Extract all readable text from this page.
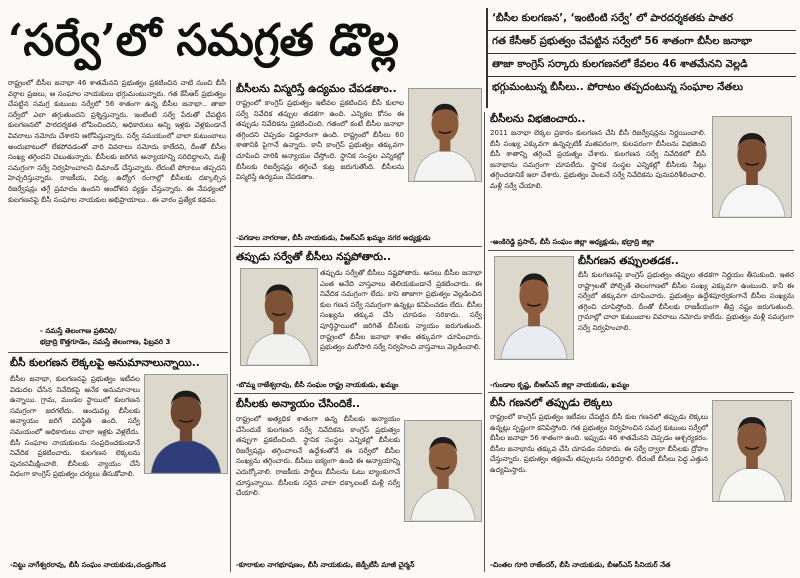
‘సర్వే’లో సమగ్రత డొల్ల	‘బీసీల కులగణన’, ‘ఇంటింటి సర్వే’ లో పారదర్శకతకు పాతర
గత కేసీఆర్ ప్రభుత్వం చేపట్టిన సర్వేలో 56 శాతంగా బీసీల జనాభా
తాజా కాంగ్రెస్ సర్కారు కులగణనలో కేవలం 46 శాతమేనని వెల్లడి
భగ్గుమంటున్న బీసీలు.. పోరాటం తప్పదంటున్న సంఘాల నేతలు
రాష్ట్రంలో బీసీల జనాభా 46 శాతమేనని ప్రభుత్వం ప్రకటించిన నాటి నుంచి బీసీ వర్గాల ప్రజలు, ఆ సంఘాల నాయకులు భగ్గుమంటున్నారు. గత కేసీఆర్ ప్రభుత్వం చేపట్టిన సమగ్ర కుటుంబ సర్వేలో 56 శాతంగా ఉన్న బీసీల జనాభా.. తాజా సర్వేలో ఎలా తగ్గుతుందని ప్రశ్నిస్తున్నారు. ఇంటింటి సర్వే పేరుతో చేపట్టిన కులగణనలో పారదర్శకత లోపించిందని, అధికారులు అన్ని ఇళ్లకు వెళ్లకుండానే వివరాలు నమోదు చేశారని ఆరోపిస్తున్నారు. సర్వే సమయంలో చాలా కుటుంబాలు అందుబాటులో లేకపోవడంతో వారి వివరాలు నమోదు కాలేదని, దీంతో బీసీల సంఖ్య తగ్గిందని చెబుతున్నారు. బీసీలకు జరిగిన అన్యాయాన్ని సరిదిద్దాలని, మళ్లీ సమగ్రంగా సర్వే నిర్వహించాలని డిమాండ్ చేస్తున్నారు. లేదంటే పోరాటం తప్పదని హెచ్చరిస్తున్నారు. రాజకీయ, విద్య, ఉద్యోగ రంగాల్లో బీసీలకు దక్కాల్సిన రిజర్వేషన్లు తగ్గే ప్రమాదం ఉందని ఆందోళన వ్యక్తం చేస్తున్నారు. ఈ నేపథ్యంలో కులగణనపై బీసీ సంఘాల నాయకుల అభిప్రాయాలు.. ఈ వారం ప్రత్యేక కథనం.
- నమస్తే తెలంగాణ ప్రతినిధి/
భద్రాద్రి కొత్తగూడెం, నమస్తే తెలంగాణ, ఫిబ్రవరి 3
బీసీలను విస్మరిస్తే ఉద్యమం చేపడతాం..
రాష్ట్రంలో కాంగ్రెస్ ప్రభుత్వం ఇటీవల ప్రకటించిన బీసీ కులాల సర్వే నివేదిక తప్పుల తడకగా ఉంది. ఎన్నికల కోసం ఈ తప్పుడు నివేదికను ప్రకటించింది. గతంలో కంటే బీసీల జనాభా తగ్గిందని చెప్పడం విడ్డూరంగా ఉంది. రాష్ట్రంలో బీసీలు 60 శాతానికి పైగానే ఉన్నారు. కానీ కాంగ్రెస్ ప్రభుత్వం తక్కువగా చూపించి వారికి అన్యాయం చేస్తోంది. స్థానిక సంస్థల ఎన్నికల్లో బీసీలకు రిజర్వేషన్లు తగ్గించే కుట్ర జరుగుతోంది. బీసీలను విస్మరిస్తే ఉద్యమం చేపడతాం.
-పగడాల నాగరాజు, బీసీ నాయకుడు, వీఆర్ఎస్ ఖమ్మం నగర అధ్యక్షుడు
తప్పుడు సర్వేతో బీసీలు నష్టపోతారు..
తప్పుడు సర్వేతో బీసీలు నష్టపోతారు. అసలు బీసీల జనాభా ఎంత అనేది వాస్తవాలు తెలియకుండానే ప్రకటించారు. ఈ నివేదిక సమగ్రంగా లేదు. కాని తాజాగా ప్రభుత్వం వెల్లడించిన కుల గణన సర్వే సమగ్రంగా ఉన్నట్లు కనిపించడం లేదు. బీసీల సంఖ్యను తక్కువ చేసి చూపడం సరికాదు. సర్వే పూర్తిస్థాయిలో జరిగితే బీసీలకు న్యాయం జరుగుతుంది. రాష్ట్రంలో బీసీల జనాభా శాతం తక్కువగా చూపించారు. ప్రభుత్వం మరోసారి సర్వే నిర్వహించి వాస్తవాలు వెల్లడించాలి.
-బొమ్మ రాజేశ్వరావు, బీసీ సంఘం రాష్ట్ర నాయకుడు, ఖమ్మం
బీసీ కులగణన లెక్కలపై అనుమానాలున్నాయి..
బీసీల జనాభా, కులగణనపై ప్రభుత్వం ఇటీవల విడుదల చేసిన నివేదికపై అనేక అనుమానాలు ఉన్నాయి. గ్రామ, మండల స్థాయిలో కులగణన సమగ్రంగా జరగలేదు. అందువల్ల బీసీలకు అన్యాయం జరిగే పరిస్థితి ఉంది. సర్వే సమయంలో అధికారులు చాలా ఇళ్లకు వెళ్లలేదు. బీసీ సంఘాల నాయకులను సంప్రదించకుండానే నివేదిక ప్రకటించారు. కులగణన లెక్కలను పునఃసమీక్షించాలి. బీసీలకు న్యాయం చేసే విధంగా కాంగ్రెస్ ప్రభుత్వం చర్యలు తీసుకోవాలి.
-నిట్టు నాగేశ్వరరావు, బీసీ సంఘం నాయకుడు,చండ్రుగొండ
బీసీలకు అన్యాయం చేసిందికే..
రాష్ట్రంలో అత్యధిక శాతంగా ఉన్న బీసీలకు అన్యాయం చేసేందుకే కులగణన సర్వే నివేదికను కాంగ్రెస్ ప్రభుత్వం తప్పుగా ప్రకటించింది. స్థానిక సంస్థల ఎన్నికల్లో బీసీలకు రిజర్వేషన్లు తగ్గించాలనే ఉద్దేశంతోనే ఈ సర్వేలో బీసీల సంఖ్యను తగ్గించారు. బీసీలు ఐక్యంగా ఉండి ఈ అన్యాయాన్ని ఎదుర్కోవాలి. రాజకీయ పార్టీలు బీసీలను ఓటు బ్యాంకుగానే చూస్తున్నాయి. బీసీలకు సరైన వాటా దక్కాలంటే మళ్లీ సర్వే చేయాలి.
-కూరాకుల నాగభూషణం, బీసీ నాయకుడు, జెడ్పీటీసీ మాజీ చైర్మన్
బీసీలను విభజించారు..
2011 జనాభా లెక్కల ప్రకారం కులగణన చేసి బీసీ రిజర్వేషన్లను నిర్ణయించాలి. బీసీ సంఖ్య ఎక్కువగా ఉన్నప్పటికీ మతపరంగా, కులపరంగా బీసీలను విభజించి బీసీ శాతాన్ని తగ్గించే ప్రయత్నం చేశారు. కులగణన సర్వే నివేదికలో బీసీ జనాభాను సమగ్రంగా చూపలేదు. స్థానిక సంస్థల ఎన్నికల్లో బీసీలకు సీట్లు తగ్గించడానికే ఇలా చేశారు. ప్రభుత్వం వెంటనే సర్వే నివేదికను పునఃపరిశీలించాలి. మళ్లీ సర్వే చేయాలి.
-అంకిరెడ్డి ప్రసాద్, బీసీ సంఘం జిల్లా అధ్యక్షుడు, భద్రాద్రి జిల్లా
బీసీగణన తప్పులతడక..
బీసీ కులగణనపై కాంగ్రెస్ ప్రభుత్వం తప్పుల తడకగా నిర్ణయం తీసుకుంది. ఇతర రాష్ట్రాలతో పోల్చితే తెలంగాణలో బీసీల సంఖ్య ఎక్కువగా ఉంటుంది. కానీ ఈ సర్వేలో తక్కువగా చూపించారు. ప్రభుత్వం ఉద్దేశపూర్వకంగానే బీసీల సంఖ్యను తగ్గించి చూపిస్తోంది. దీంతో బీసీలకు రాజకీయంగా తీవ్ర నష్టం జరుగుతుంది. గ్రామాల్లో చాలా కుటుంబాల వివరాలు నమోదు కాలేదు. ప్రభుత్వం మళ్లీ సమగ్రంగా సర్వే నిర్వహించాలి.
-గుండాల కృష్ణ, బీఆర్ఎస్ జిల్లా నాయకుడు, ఖమ్మం
బీసీ గణనలో తప్పుడు లెక్కలు
రాష్ట్రంలో కాంగ్రెస్ ప్రభుత్వం ఇటీవల చేపట్టిన బీసీ కుల గణనలో తప్పుడు లెక్కలు ఉన్నట్లు స్పష్టంగా కనిపిస్తోంది. గత ప్రభుత్వం నిర్వహించిన సమగ్ర కుటుంబ సర్వేలో బీసీల జనాభా 56 శాతంగా ఉంది. ఇప్పుడు 46 శాతమేనని చెప్పడం ఆశ్చర్యకరం. బీసీల జనాభాను తక్కువ చేసి చూపడం సరికాదు. ఈ సర్వే ద్వారా బీసీలకు ద్రోహం చేస్తున్నారు. ప్రభుత్వం తక్షణమే తప్పులను సరిదిద్దాలి. లేదంటే బీసీలు పెద్ద ఎత్తున ఉద్యమిస్తారు.
-చింతల గూరి రాజేందర్, బీసీ నాయకుడు, బీఆర్ఎస్ సీనియర్ నేత
